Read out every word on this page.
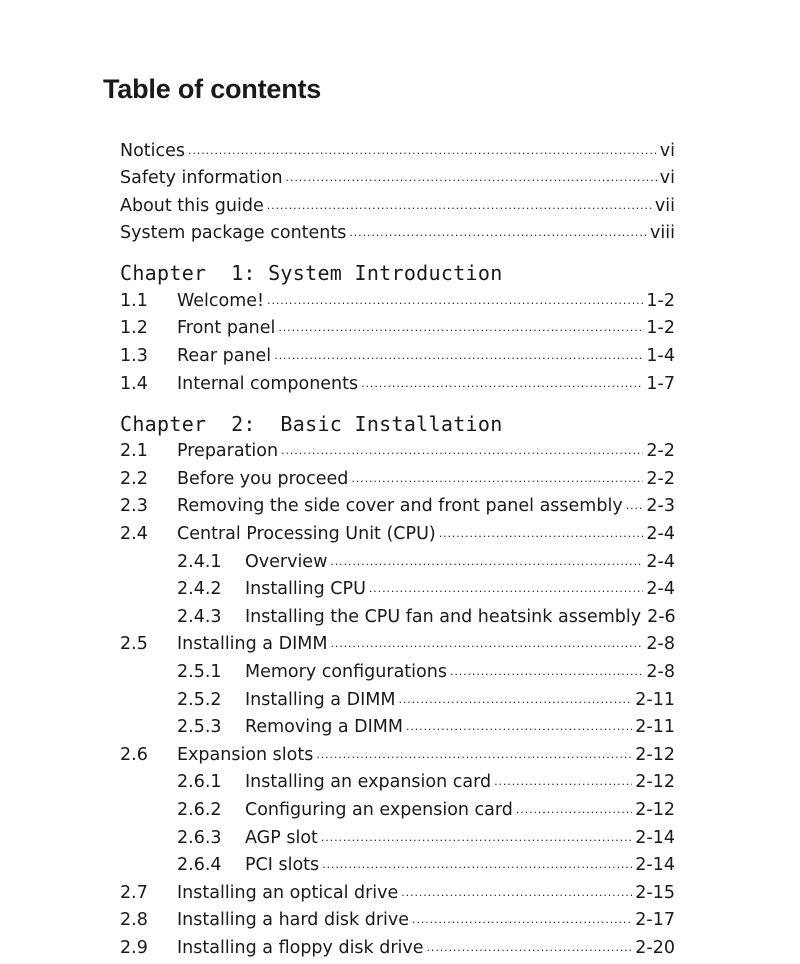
Table of contents
Notices . . .	vi
Safety information . . .	vi
About this guide . . .	vii
System package contents . . .	viii
Chapter  1: System Introduction
1.1	Welcome! . . .	1-2
1.2	Front panel . . .	1-2
1.3	Rear panel . . .	1-4
1.4	Internal components . . .	1-7
Chapter  2:  Basic Installation
2.1	Preparation . . .	2-2
2.2	Before you proceed . . .	2-2
2.3	Removing the side cover and front panel assembly . . . 2-3
2.4	Central Processing Unit (CPU) . . .	2-4
2.4.1	Overview . . .	2-4
2.4.2	Installing CPU . . .	2-4
2.4.3	Installing the CPU fan and heatsink assembly 2-6
2.5	Installing a DIMM . . .	2-8
2.5.1	Memory configurations . . .	2-8
2.5.2	Installing a DIMM . . .	2-11
2.5.3	Removing a DIMM . . .	2-11
2.6	Expansion slots . . .	2-12
2.6.1	Installing an expansion card . . .	2-12
2.6.2	Configuring an expension card . . .	2-12
2.6.3	AGP slot . . .	2-14
2.6.4	PCI slots . . .	2-14
2.7	Installing an optical drive . . .	2-15
2.8	Installing a hard disk drive . . .	2-17
2.9	Installing a floppy disk drive . . .	2-20
